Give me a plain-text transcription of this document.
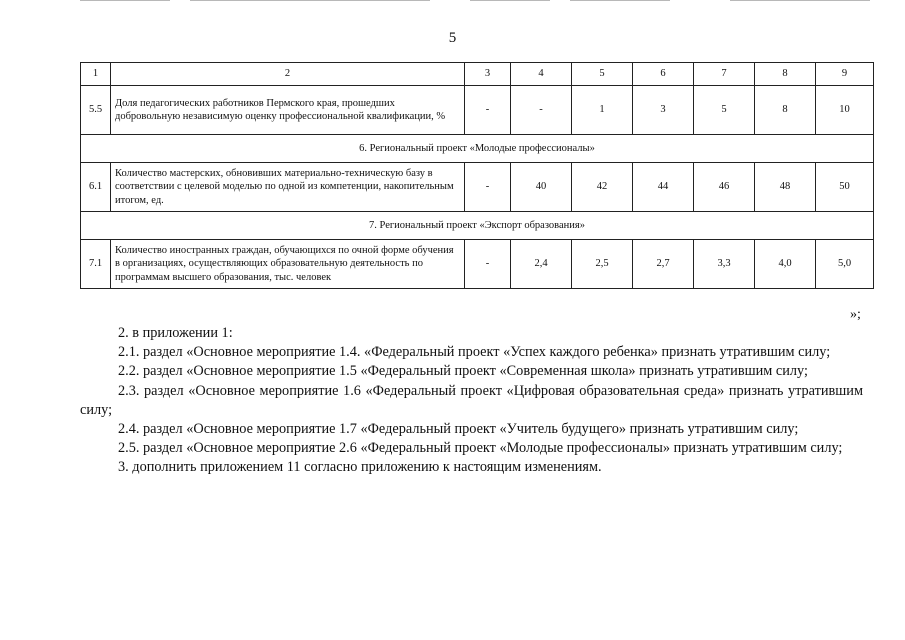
5
1	2	3	4	5	6	7	8	9
5.5	Доля педагогических работников Пермского края, прошедших добровольную независимую оценку профессиональной квалификации, %	-	-	1	3	5	8	10
6. Региональный проект «Молодые профессионалы»								
6.1	Количество мастерских, обновивших материально-техническую базу в соответствии с целевой моделью по одной из компетенции, накопительным итогом, ед.	-	40	42	44	46	48	50
7. Региональный проект «Экспорт образования»								
7.1	Количество иностранных граждан, обучающихся по очной форме обучения в организациях, осуществляющих образовательную деятельность по программам высшего образования, тыс. человек	-	2,4	2,5	2,7	3,3	4,0	5,0
»;

2. в приложении 1:

2.1. раздел «Основное мероприятие 1.4. «Федеральный проект «Успех каждого ребенка» признать утратившим силу;

2.2. раздел «Основное мероприятие 1.5 «Федеральный проект «Современная школа» признать утратившим силу;

2.3. раздел «Основное мероприятие 1.6 «Федеральный проект «Цифровая образовательная среда» признать утратившим силу;

2.4. раздел «Основное мероприятие 1.7 «Федеральный проект «Учитель будущего» признать утратившим силу;

2.5. раздел «Основное мероприятие 2.6 «Федеральный проект «Молодые профессионалы» признать утратившим силу;

3. дополнить приложением 11 согласно приложению к настоящим изменениям.
